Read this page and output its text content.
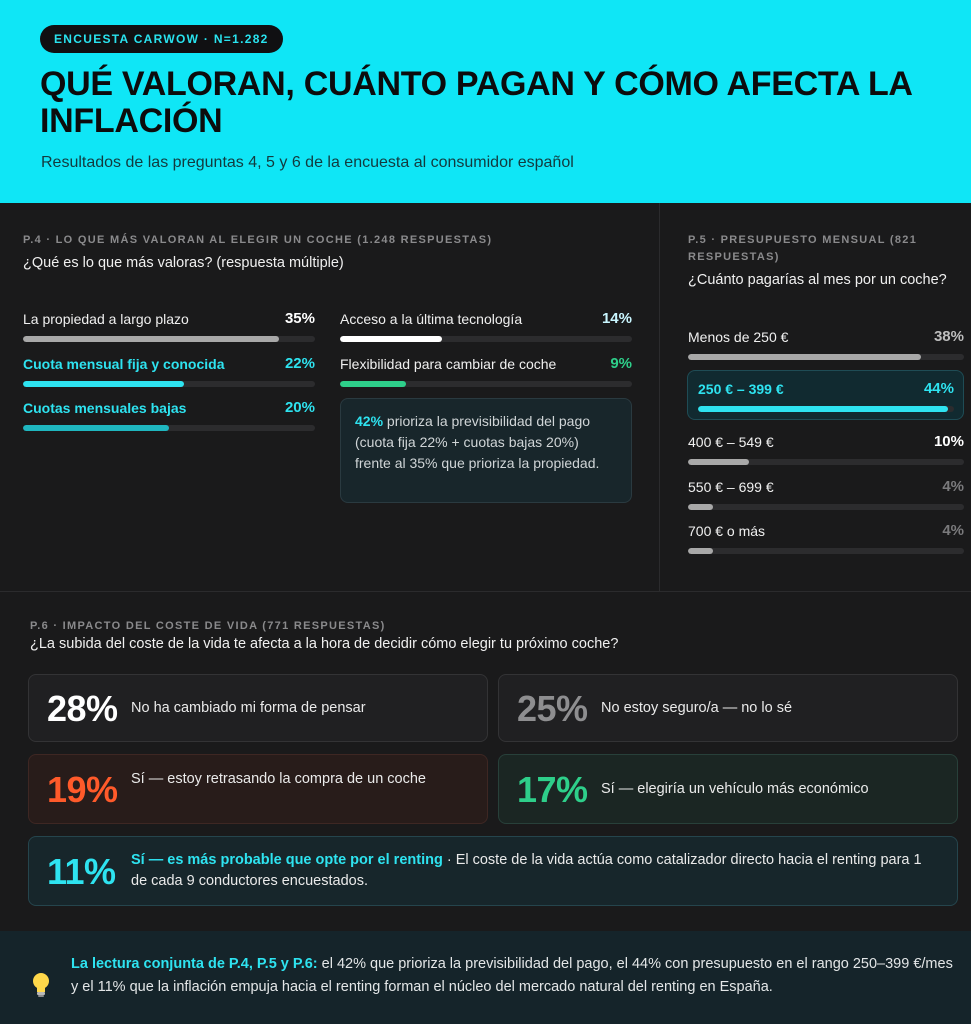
ENCUESTA CARWOW · N=1.282
QUÉ VALORAN, CUÁNTO PAGAN Y CÓMO AFECTA LA INFLACIÓN
Resultados de las preguntas 4, 5 y 6 de la encuesta al consumidor español
P.4 · LO QUE MÁS VALORAN AL ELEGIR UN COCHE (1.248 RESPUESTAS)
¿Qué es lo que más valoras? (respuesta múltiple)
La propiedad a largo plazo	35%
Cuota mensual fija y conocida	22%
Cuotas mensuales bajas	20%
Acceso a la última tecnología	14%
Flexibilidad para cambiar de coche	9%
42% prioriza la previsibilidad del pago (cuota fija 22% + cuotas bajas 20%) frente al 35% que prioriza la propiedad.
P.5 · PRESUPUESTO MENSUAL (821 RESPUESTAS)
¿Cuánto pagarías al mes por un coche?
Menos de 250 €	38%
250 € – 399 €	44%
400 € – 549 €	10%
550 € – 699 €	4%
700 € o más	4%
P.6 · IMPACTO DEL COSTE DE VIDA (771 RESPUESTAS)
¿La subida del coste de la vida te afecta a la hora de decidir cómo elegir tu próximo coche?
28% No ha cambiado mi forma de pensar	25% No estoy seguro/a — no lo sé
19% Sí — estoy retrasando la compra de un coche	17% Sí — elegiría un vehículo más económico
11% Sí — es más probable que opte por el renting · El coste de la vida actúa como catalizador directo hacia el renting para 1 de cada 9 conductores encuestados.
La lectura conjunta de P.4, P.5 y P.6: el 42% que prioriza la previsibilidad del pago, el 44% con presupuesto en el rango 250–399 €/mes y el 11% que la inflación empuja hacia el renting forman el núcleo del mercado natural del renting en España.
